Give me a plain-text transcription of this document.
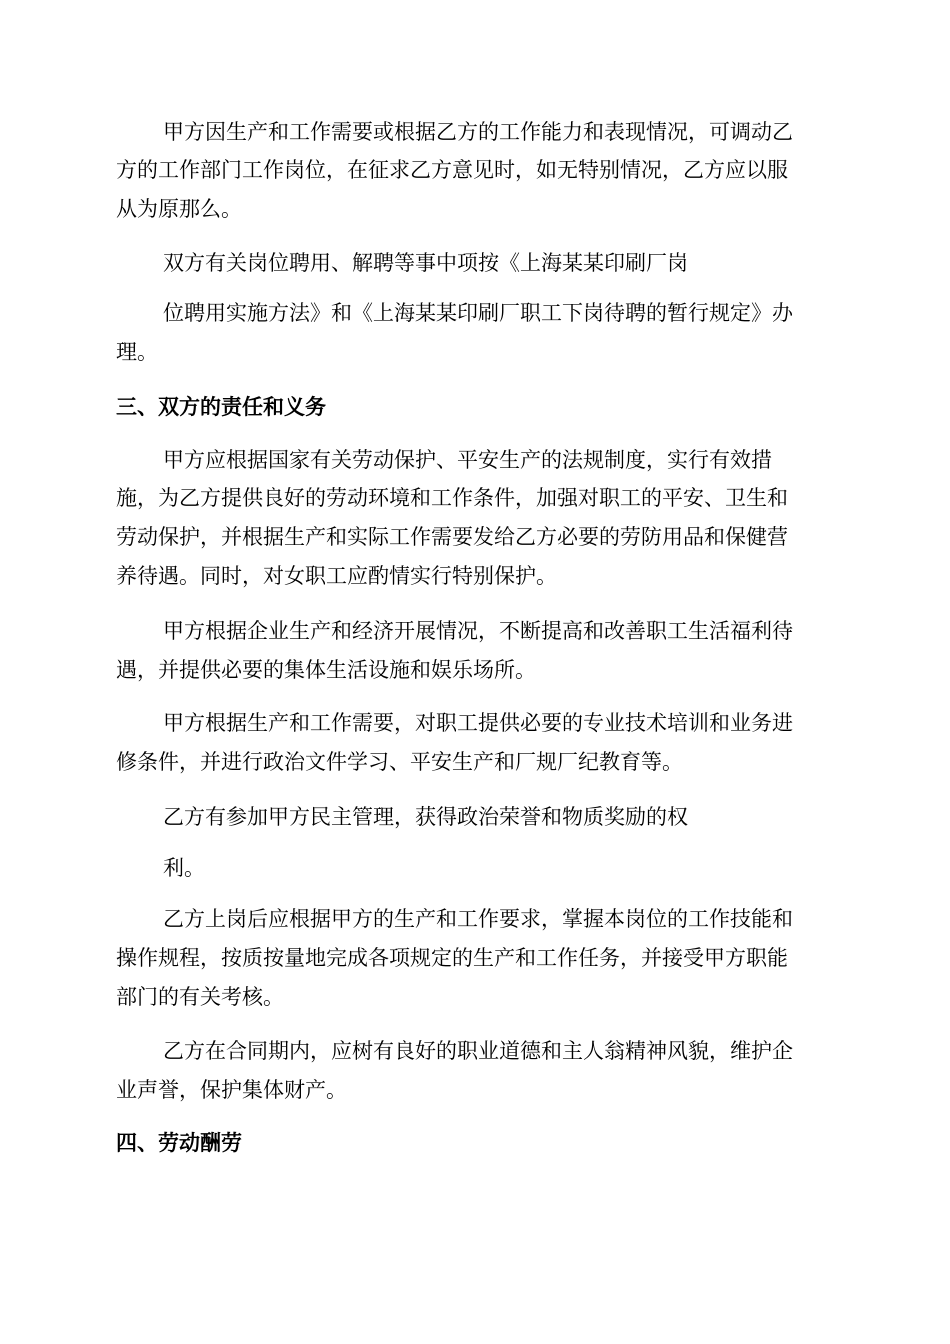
甲方因生产和工作需要或根据乙方的工作能力和表现情况，可调动乙
方的工作部门工作岗位，在征求乙方意见时，如无特别情况，乙方应以服
从为原那么。
双方有关岗位聘用、解聘等事中项按《上海某某印刷厂岗
位聘用实施方法》和《上海某某印刷厂职工下岗待聘的暂行规定》办
理。
三、双方的责任和义务
甲方应根据国家有关劳动保护、平安生产的法规制度，实行有效措
施，为乙方提供良好的劳动环境和工作条件，加强对职工的平安、卫生和
劳动保护，并根据生产和实际工作需要发给乙方必要的劳防用品和保健营
养待遇。同时，对女职工应酌情实行特别保护。
甲方根据企业生产和经济开展情况，不断提高和改善职工生活福利待
遇，并提供必要的集体生活设施和娱乐场所。
甲方根据生产和工作需要，对职工提供必要的专业技术培训和业务进
修条件，并进行政治文件学习、平安生产和厂规厂纪教育等。
乙方有参加甲方民主管理，获得政治荣誉和物质奖励的权
利。
乙方上岗后应根据甲方的生产和工作要求，掌握本岗位的工作技能和
操作规程，按质按量地完成各项规定的生产和工作任务，并接受甲方职能
部门的有关考核。
乙方在合同期内，应树有良好的职业道德和主人翁精神风貌，维护企
业声誉，保护集体财产。
四、劳动酬劳
